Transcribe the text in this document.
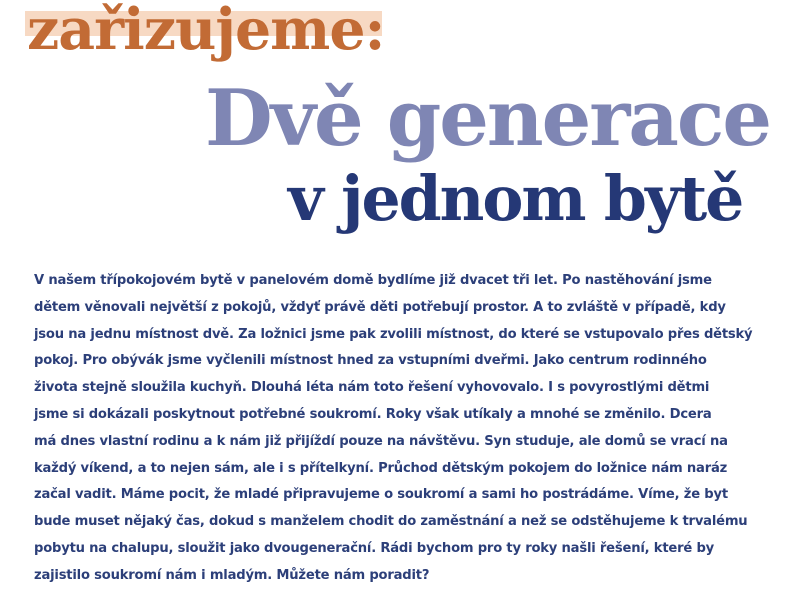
zařizujeme:
Dvě generace
v jednom bytě

V našem třípokojovém bytě v panelovém domě bydlíme již dvacet tři let. Po nastěhování jsme
dětem věnovali největší z pokojů, vždyť právě děti potřebují prostor. A to zvláště v případě, kdy
jsou na jednu místnost dvě. Za ložnici jsme pak zvolili místnost, do které se vstupovalo přes dětský
pokoj. Pro obývák jsme vyčlenili místnost hned za vstupními dveřmi. Jako centrum rodinného
života stejně sloužila kuchyň. Dlouhá léta nám toto řešení vyhovovalo. I s povyrostlými dětmi
jsme si dokázali poskytnout potřebné soukromí. Roky však utíkaly a mnohé se změnilo. Dcera
má dnes vlastní rodinu a k nám již přijíždí pouze na návštěvu. Syn studuje, ale domů se vrací na
každý víkend, a to nejen sám, ale i s přítelkyní. Průchod dětským pokojem do ložnice nám naráz
začal vadit. Máme pocit, že mladé připravujeme o soukromí a sami ho postrádáme. Víme, že byt
bude muset nějaký čas, dokud s manželem chodit do zaměstnání a než se odstěhujeme k trvalému
pobytu na chalupu, sloužit jako dvougenerační. Rádi bychom pro ty roky našli řešení, které by
zajistilo soukromí nám i mladým. Můžete nám poradit?
